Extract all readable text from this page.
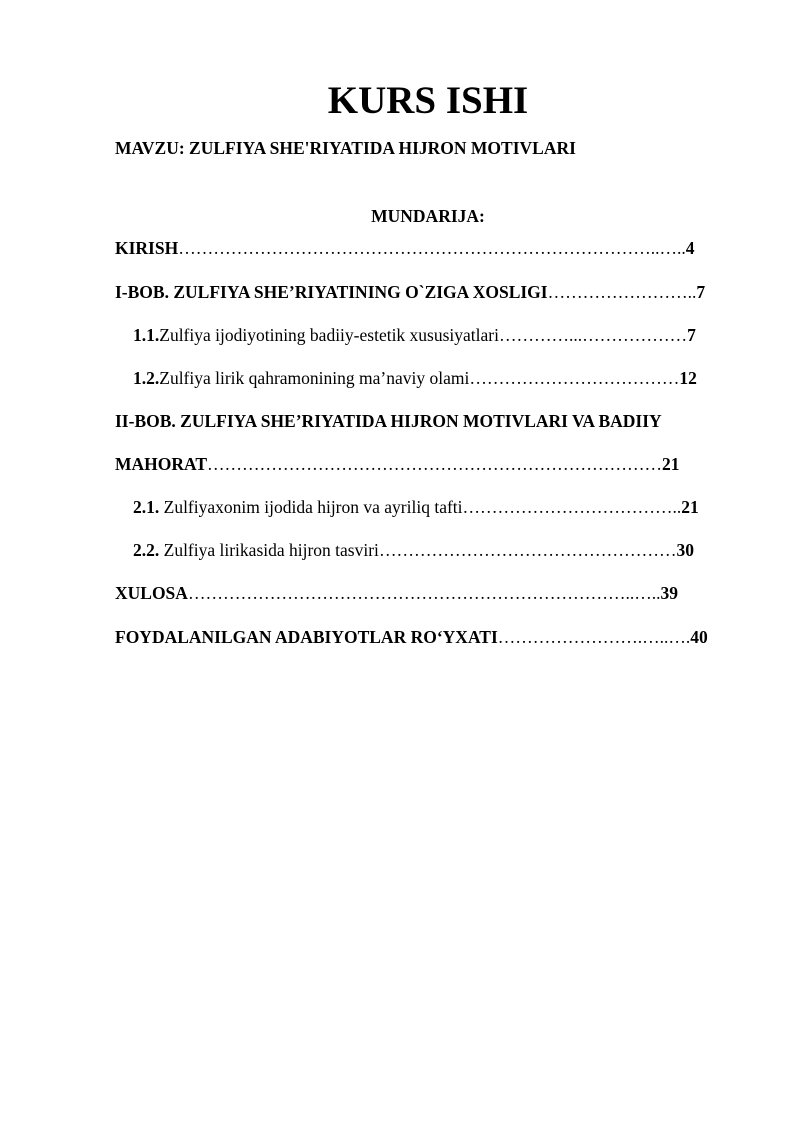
KURS ISHI

MAVZU: ZULFIYA SHE'RIYATIDA HIJRON MOTIVLARI

MUNDARIJA:

KIRISH………………………………………………………………………..…..4

I-BOB. ZULFIYA SHE’RIYATINING O`ZIGA XOSLIGI……………………..7

1.1.Zulfiya ijodiyotining badiiy-estetik xususiyatlari…………...………………7

1.2.Zulfiya lirik qahramonining ma’naviy olami………………………………12

II-BOB. ZULFIYA SHE’RIYATIDA HIJRON MOTIVLARI VA BADIIY

MAHORAT……………………………………………………………………21

2.1. Zulfiyaxonim ijodida hijron va ayriliq tafti………………………………..21

2.2. Zulfiya lirikasida hijron tasviri……………………………………………30

XULOSA…………………………………………………………………..…..39

FOYDALANILGAN ADABIYOTLAR RO‘YXATI…………………….…..….40
